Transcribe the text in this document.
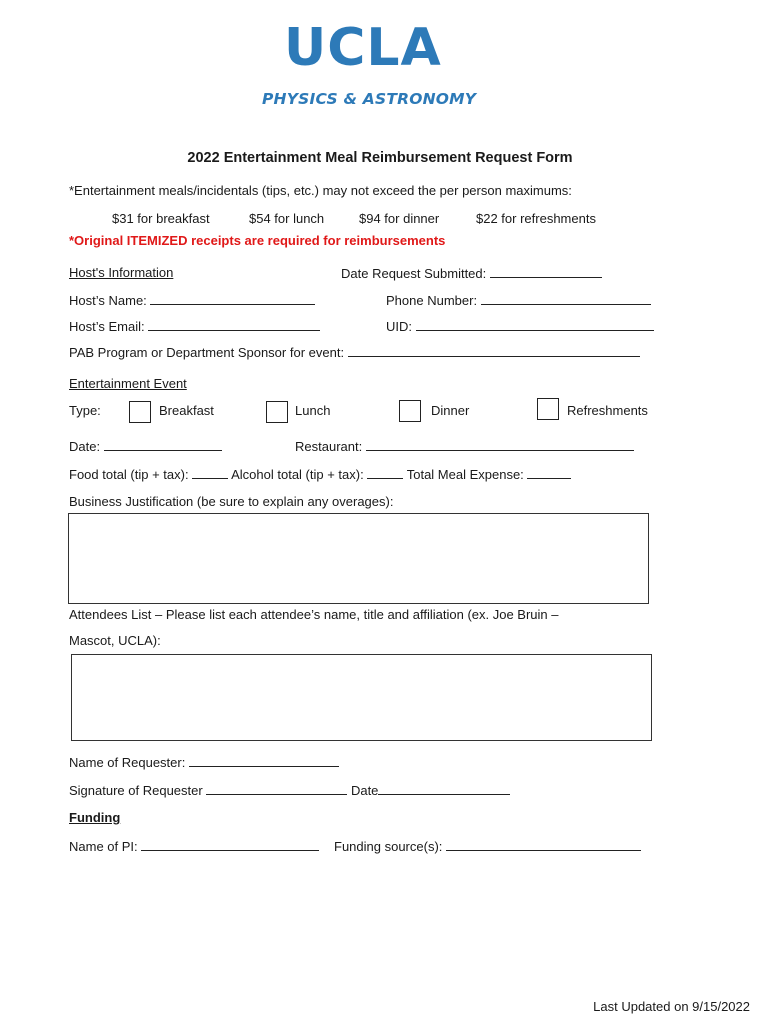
UCLA
PHYSICS & ASTRONOMY
2022 Entertainment Meal Reimbursement Request Form
*Entertainment meals/incidentals (tips, etc.) may not exceed the per person maximums:
$31 for breakfast	$54 for lunch	$94 for dinner	$22 for refreshments
*Original ITEMIZED receipts are required for reimbursements
Host's Information	Date Request Submitted:
Host’s Name:	Phone Number:
Host’s Email:	UID:
PAB Program or Department Sponsor for event:
Entertainment Event
Type:	Breakfast	Lunch	Dinner	Refreshments
Date:	Restaurant:
Food total (tip + tax):	Alcohol total (tip + tax):	Total Meal Expense:
Business Justification (be sure to explain any overages):
Attendees List – Please list each attendee’s name, title and affiliation (ex. Joe Bruin –
Mascot, UCLA):
Name of Requester:
Signature of Requester	Date
Funding
Name of PI:	Funding source(s):
Last Updated on 9/15/2022
